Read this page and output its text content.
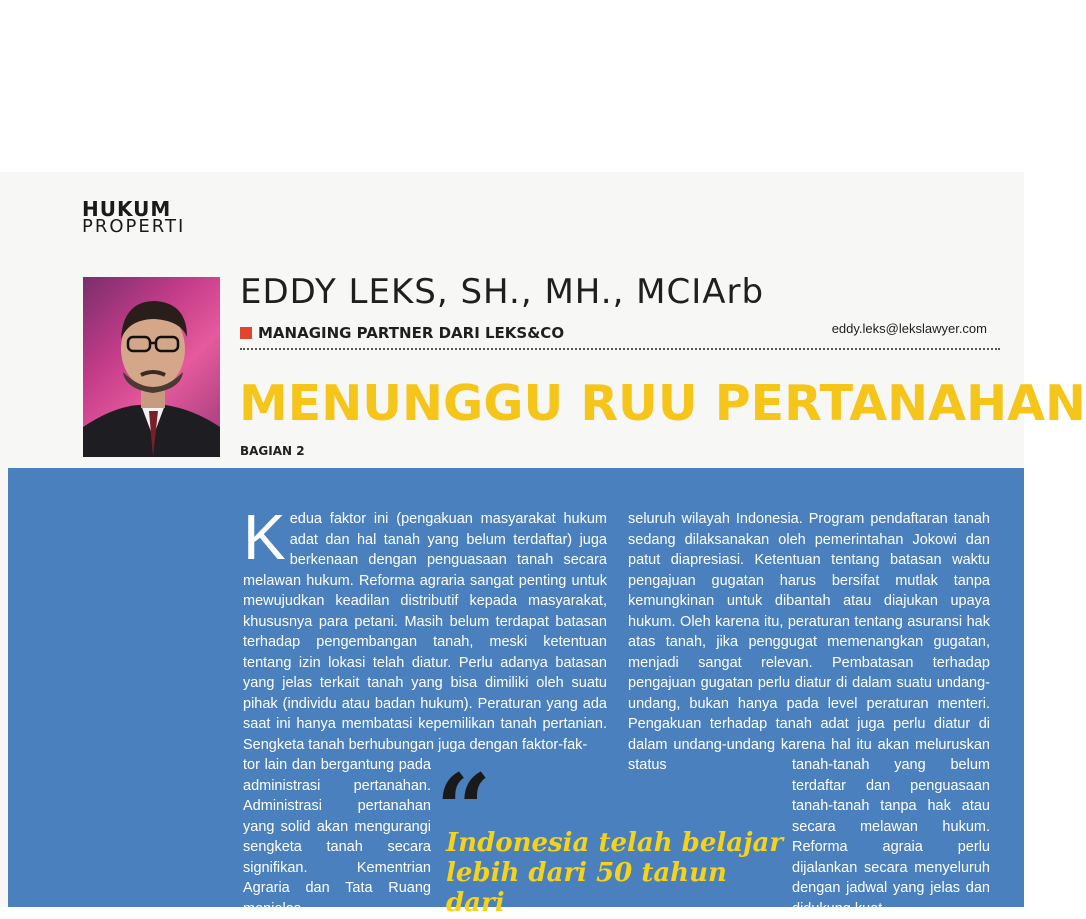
HUKUM
PROPERTI
EDDY LEKS, SH., MH., MCIArb
MANAGING PARTNER DARI LEKS&CO	eddy.leks@lekslawyer.com
MENUNGGU RUU PERTANAHAN
BAGIAN 2
Kedua faktor ini (pengakuan masyarakat hukum adat dan hal tanah yang belum terdaftar) juga berkenaan dengan penguasaan tanah secara melawan hukum. Reforma agraria sangat penting untuk mewujudkan keadilan distributif kepada masyarakat, khususnya para petani. Masih belum terdapat batasan terhadap pengembangan tanah, meski ketentuan tentang izin lokasi telah diatur. Perlu adanya batasan yang jelas terkait tanah yang bisa dimiliki oleh suatu pihak (individu atau badan hukum). Peraturan yang ada saat ini hanya membatasi kepemilikan tanah pertanian. Sengketa tanah berhubungan juga dengan faktor-fak-
tor lain dan bergantung pada administrasi pertanahan. Administrasi pertanahan yang solid akan mengurangi sengketa tanah secara signifikan. Kementrian Agraria dan Tata Ruang menjelas-
seluruh wilayah Indonesia. Program pendaftaran tanah sedang dilaksanakan oleh pemerintahan Jokowi dan patut diapresiasi. Ketentuan tentang batasan waktu pengajuan gugatan harus bersifat mutlak tanpa kemungkinan untuk dibantah atau diajukan upaya hukum. Oleh karena itu, peraturan tentang asuransi hak atas tanah, jika penggugat memenangkan gugatan, menjadi sangat relevan. Pembatasan terhadap pengajuan gugatan perlu diatur di dalam suatu undang-undang, bukan hanya pada level peraturan menteri. Pengakuan terhadap tanah adat juga perlu diatur di dalam undang-undang karena hal itu akan meluruskan status	tanah-tanah yang belum terdaftar dan penguasaan tanah-tanah tanpa hak atau secara melawan hukum. Reforma agraia perlu dijalankan secara menyeluruh dengan jadwal yang jelas dan didukung kuat
“
Indonesia telah belajar lebih dari 50 tahun dari
